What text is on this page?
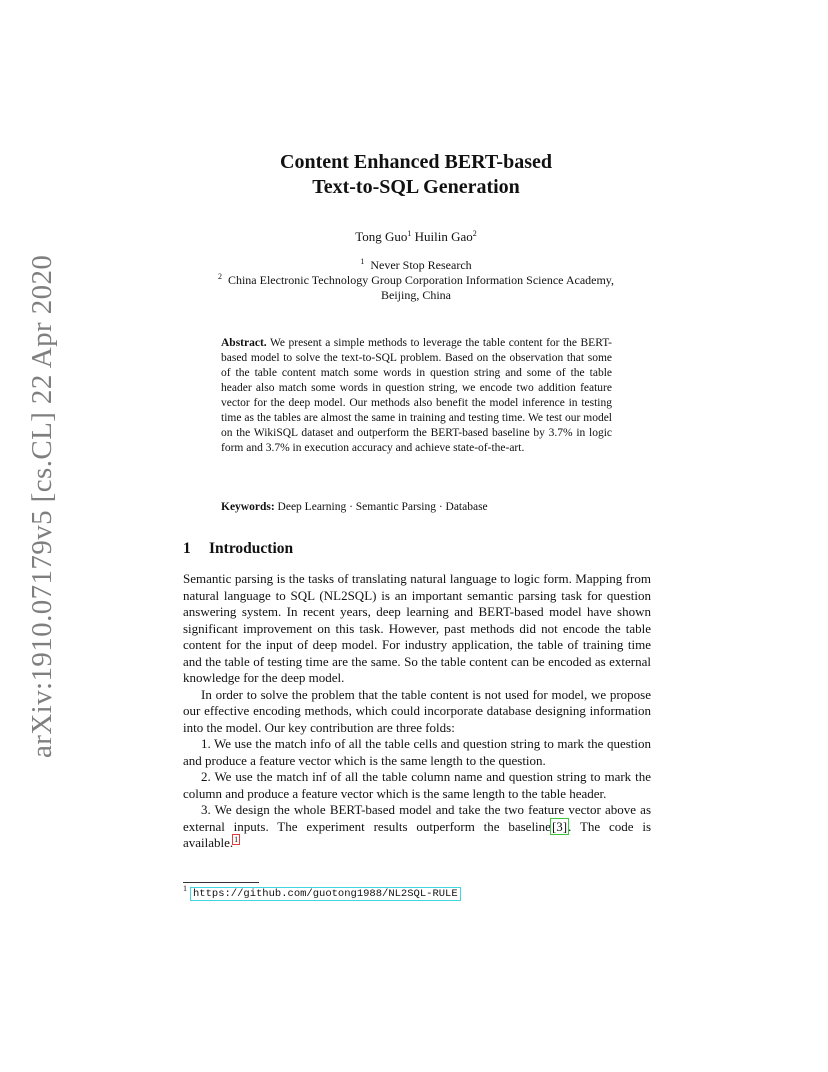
arXiv:1910.07179v5 [cs.CL] 22 Apr 2020
Content Enhanced BERT-based
Text-to-SQL Generation
Tong Guo$^1$ Huilin Gao$^2$
$^1$ Never Stop Research
$^2$ China Electronic Technology Group Corporation Information Science Academy,
Beijing, China
Abstract. We present a simple methods to leverage the table content for the BERT-based model to solve the text-to-SQL problem. Based on the observation that some of the table content match some words in question string and some of the table header also match some words in question string, we encode two addition feature vector for the deep model. Our methods also benefit the model inference in testing time as the tables are almost the same in training and testing time. We test our model on the WikiSQL dataset and outperform the BERT-based baseline by 3.7% in logic form and 3.7% in execution accuracy and achieve state-of-the-art.
Keywords: Deep Learning · Semantic Parsing · Database
1 Introduction

Semantic parsing is the tasks of translating natural language to logic form. Mapping from natural language to SQL (NL2SQL) is an important semantic parsing task for question answering system. In recent years, deep learning and BERT-based model have shown significant improvement on this task. However, past methods did not encode the table content for the input of deep model. For industry application, the table of training time and the table of testing time are the same. So the table content can be encoded as external knowledge for the deep model.

In order to solve the problem that the table content is not used for model, we propose our effective encoding methods, which could incorporate database designing information into the model. Our key contribution are three folds:

1. We use the match info of all the table cells and question string to mark the question and produce a feature vector which is the same length to the question.

2. We use the match inf of all the table column name and question string to mark the column and produce a feature vector which is the same length to the table header.

3. We design the whole BERT-based model and take the two feature vector above as external inputs. The experiment results outperform the baseline[3]. The code is available.$^1$

$^1$ https://github.com/guotong1988/NL2SQL-RULE
